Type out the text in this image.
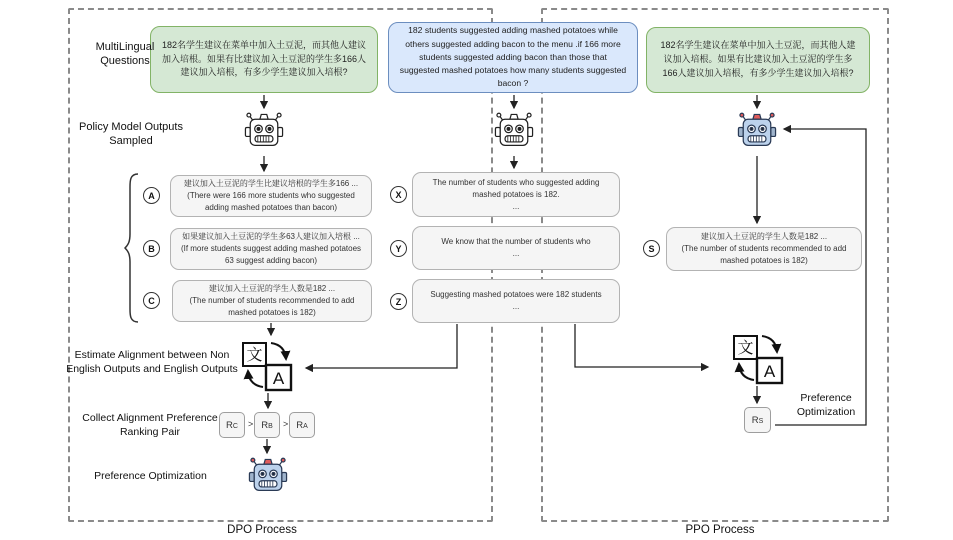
182名学生建议在菜单中加入土豆泥，而其他人建议加入培根。如果有比建议加入土豆泥的学生多166人建议加入培根，有多少学生建议加入培根?
182 students suggested adding mashed potatoes while others suggested adding bacon to the menu .if 166 more students suggested adding bacon than those that suggested mashed potatoes how many students suggested bacon ?
182名学生建议在菜单中加入土豆泥，而其他人建议加入培根。如果有比建议加入土豆泥的学生多166人建议加入培根，有多少学生建议加入培根?
MultiLingual Questions
Policy Model Outputs Sampled
Estimate Alignment between Non English Outputs and English Outputs
Collect Alignment Preference Ranking Pair
Preference Optimization
Preference Optimization
A
建议加入土豆泥的学生比建议培根的学生多166 ...
(There were 166 more students who suggested adding mashed potatoes than bacon)
B
如果建议加入土豆泥的学生多63人建议加入培根 ...
(If more students suggest adding mashed potatoes 63 suggest adding bacon)
C
建议加入土豆泥的学生人数是182 ...
(The number of students recommended to add mashed potatoes is 182)
X
The number of students who suggested adding mashed potatoes is 182.
...
Y
We know that the number of students who
...
Z
Suggesting mashed potatoes were 182 students
...
S
建议加入土豆泥的学生人数是182 ...
(The number of students recommended to add mashed potatoes is 182)
文
A
文
A
R C > R B > R A
R S
DPO Process	PPO Process
